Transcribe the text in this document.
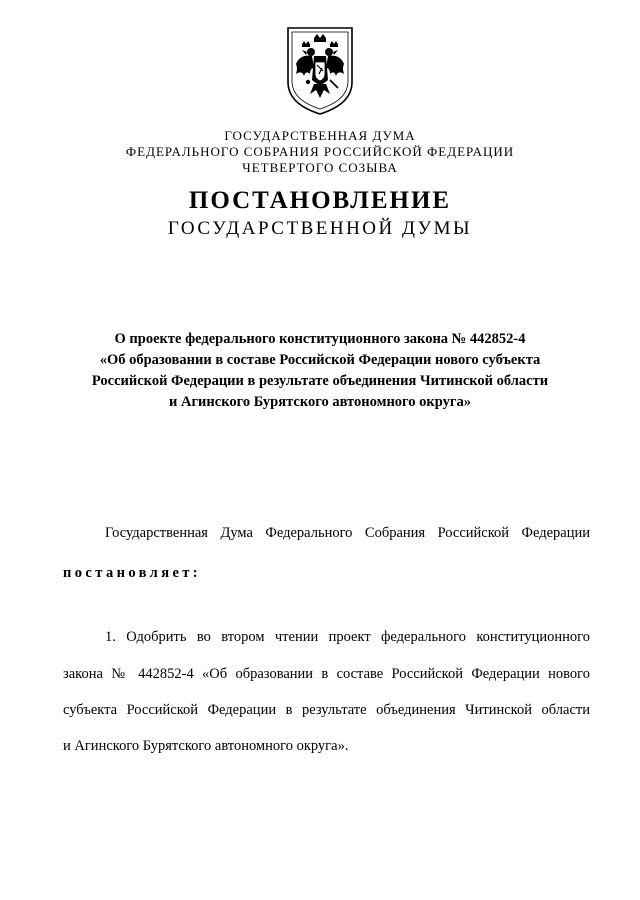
ГОСУДАРСТВЕННАЯ ДУМА
ФЕДЕРАЛЬНОГО СОБРАНИЯ РОССИЙСКОЙ ФЕДЕРАЦИИ
ЧЕТВЕРТОГО СОЗЫВА
ПОСТАНОВЛЕНИЕ
ГОСУДАРСТВЕННОЙ ДУМЫ
О проекте федерального конституционного закона № 442852-4
«Об образовании в составе Российской Федерации нового субъекта
Российской Федерации в результате объединения Читинской области
и Агинского Бурятского автономного округа»
Государственная Дума Федерального Собрания Российской Федерации
постановляет:
1. Одобрить во втором чтении проект федерального конституционного
закона № 442852-4 «Об образовании в составе Российской Федерации нового
субъекта Российской Федерации в результате объединения Читинской области
и Агинского Бурятского автономного округа».
